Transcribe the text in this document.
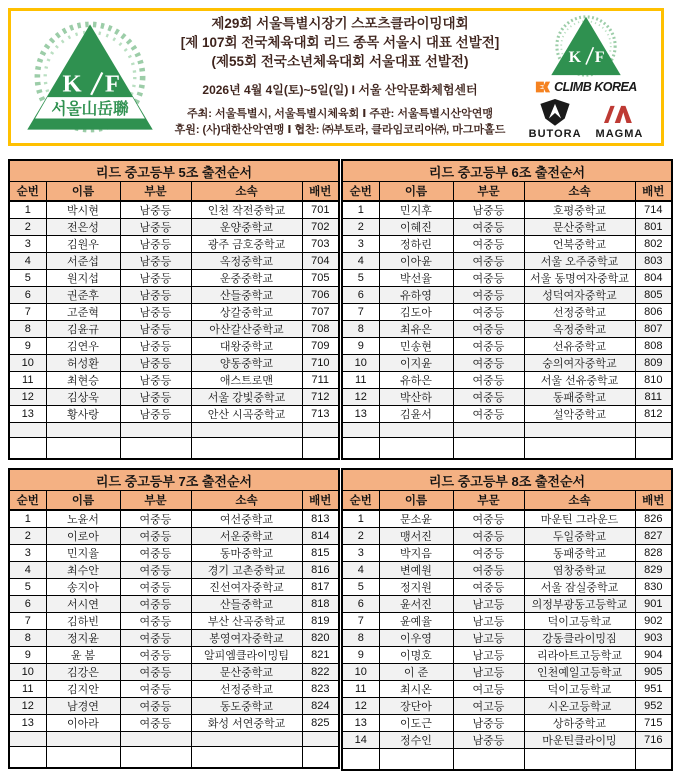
K F
서울山岳聯
제29회 서울특별시장기 스포츠클라이밍대회
[제 107회 전국체육대회 리드 종목 서울시 대표 선발전]
(제55회 전국소년체육대회 서울대표 선발전)
2026년 4월 4일(토)~5일(일) I 서울 산악문화체험센터
주최: 서울특별시, 서울특별시체육회 Ⅰ 주관: 서울특별시산악연맹
후원: (사)대한산악연맹 Ⅰ 협찬: ㈜부토라, 클라임코리아㈜, 마그마홀드
K F
CLIMB KOREA
BUTORA MAGMA
리드 중고등부 5조 출전순서				
순번	이름	부분	소속	배번
1	박시현	남중등	인천 작전중학교	701
2	전은성	남중등	운양중학교	702
3	김원우	남중등	광주 금호중학교	703
4	서준섭	남중등	옥정중학교	704
5	원지섭	남중등	운중중학교	705
6	권준후	남중등	산들중학교	706
7	고준혁	남중등	상갈중학교	707
8	김윤규	남중등	아산갈산중학교	708
9	김연우	남중등	대왕중학교	709
10	허성환	남중등	양동중학교	710
11	최현승	남중등	애스트로맨	711
12	김상욱	남중등	서울 강빛중학교	712
13	황사랑	남중등	안산 시곡중학교	713

리드 중고등부 6조 출전순서				
순번	이름	부문	소속	배번
1	민지후	남중등	호평중학교	714
2	이혜진	여중등	문산중학교	801
3	정하린	여중등	언북중학교	802
4	이아윤	여중등	서울 오주중학교	803
5	박선율	여중등	서울 동명여자중학교	804
6	유하영	여중등	성덕여자중학교	805
7	김도아	여중등	선정중학교	806
8	최유은	여중등	옥정중학교	807
9	민송현	여중등	선유중학교	808
10	이지윤	여중등	숭의여자중학교	809
11	유하은	여중등	서울 선유중학교	810
12	박산하	여중등	동패중학교	811
13	김윤서	여중등	설악중학교	812

리드 중고등부 7조 출전순서				
순번	이름	부분	소속	배번
1	노윤서	여중등	여선중학교	813
2	이로아	여중등	서운중학교	814
3	민지율	여중등	동마중학교	815
4	최수안	여중등	경기 고촌중학교	816
5	송지아	여중등	진선여자중학교	817
6	서시연	여중등	산들중학교	818
7	김하빈	여중등	부산 산곡중학교	819
8	정지윤	여중등	봉영여자중학교	820
9	윤 봄	여중등	알피엠클라이밍팀	821
10	김강은	여중등	문산중학교	822
11	김지안	여중등	선정중학교	823
12	남경연	여중등	동도중학교	824
13	이아라	여중등	화성 서연중학교	825

리드 중고등부 8조 출전순서				
순번	이름	부문	소속	배번
1	문소윤	여중등	마운틴 그라운드	826
2	맹서진	여중등	두일중학교	827
3	박지음	여중등	동패중학교	828
4	변예원	여중등	염창중학교	829
5	정지원	여중등	서울 잠실중학교	830
6	윤서진	남고등	의정부광동고등학교	901
7	윤예율	남고등	덕이고등학교	902
8	이우영	남고등	강동클라이밍짐	903
9	이명호	남고등	리라아트고등학교	904
10	이 준	남고등	인천예일고등학교	905
11	최시온	여고등	덕이고등학교	951
12	장단아	여고등	시온고등학교	952
13	이도근	남중등	상하중학교	715
14	정수인	남중등	마운틴클라이밍	716
